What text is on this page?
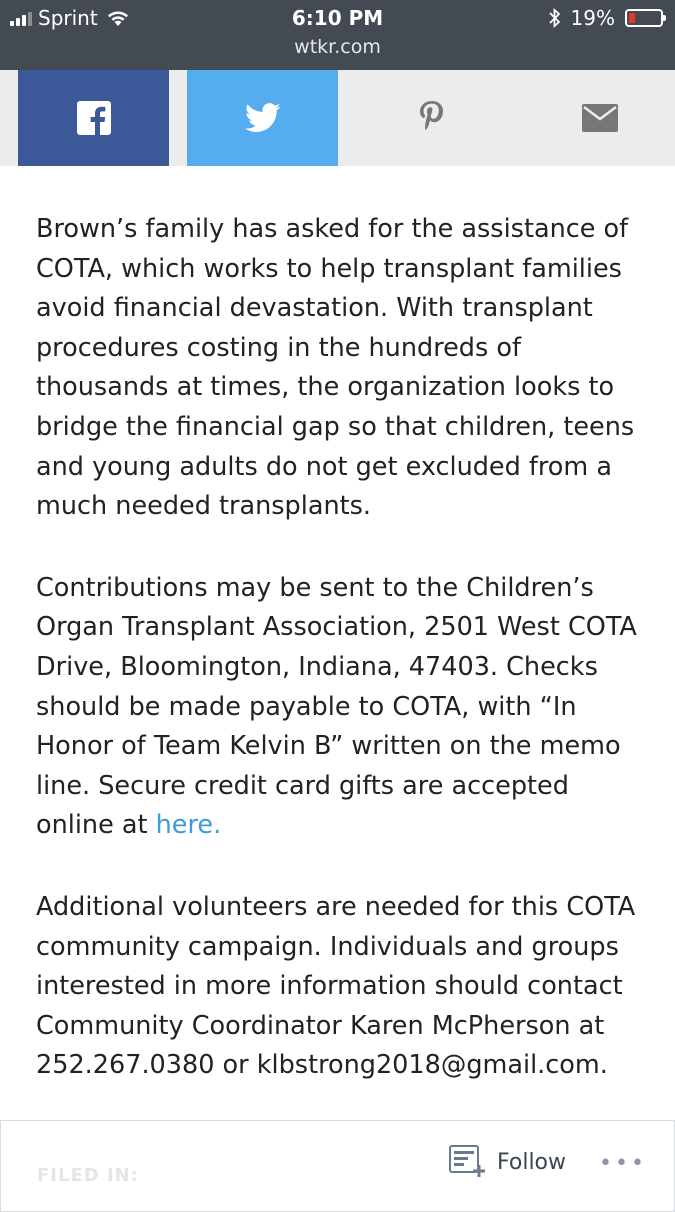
Sprint	6:10 PM
wtkr.com
19%

Brown’s family has asked for the assistance of COTA, which works to help transplant families avoid financial devastation. With transplant procedures costing in the hundreds of thousands at times, the organization looks to bridge the financial gap so that children, teens and young adults do not get excluded from a much needed transplants.

Contributions may be sent to the Children’s Organ Transplant Association, 2501 West COTA Drive, Bloomington, Indiana, 47403. Checks should be made payable to COTA, with “In Honor of Team Kelvin B” written on the memo line. Secure credit card gifts are accepted online at here.

Additional volunteers are needed for this COTA community campaign. Individuals and groups interested in more information should contact Community Coordinator Karen McPherson at 252.267.0380 or klbstrong2018@gmail.com.

FILED IN:
Follow •••
